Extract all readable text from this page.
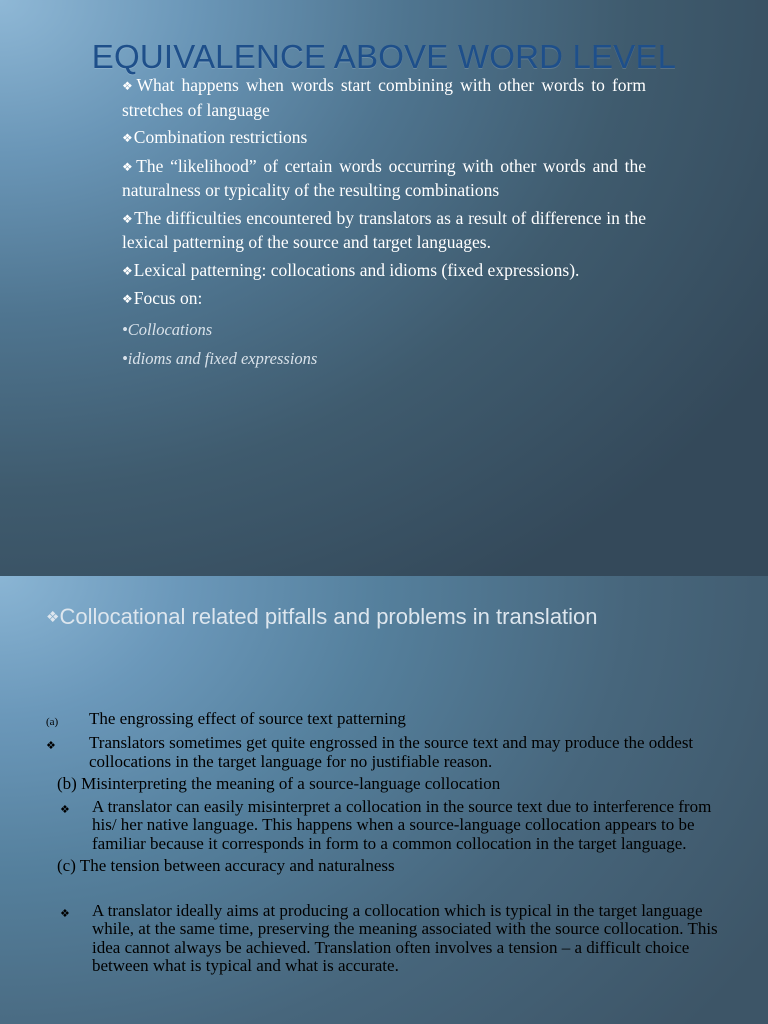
EQUIVALENCE ABOVE WORD LEVEL
❖What happens when words start combining with other words to form stretches of language
❖Combination restrictions
❖The “likelihood” of certain words occurring with other words and the naturalness or typicality of the resulting combinations
❖The difficulties encountered by translators as a result of difference in the lexical patterning of the source and target languages.
❖Lexical patterning: collocations and idioms (fixed expressions).
❖Focus on:
•Collocations
•idioms and fixed expressions
❖Collocational related pitfalls and problems in translation
(a) The engrossing effect of source text patterning
❖ Translators sometimes get quite engrossed in the source text and may produce the oddest collocations in the target language for no justifiable reason.
(b) Misinterpreting the meaning of a source-language collocation
❖ A translator can easily misinterpret a collocation in the source text due to interference from his/ her native language. This happens when a source-language collocation appears to be familiar because it corresponds in form to a common collocation in the target language.
(c) The tension between accuracy and naturalness
❖ A translator ideally aims at producing a collocation which is typical in the target language while, at the same time, preserving the meaning associated with the source collocation. This idea cannot always be achieved. Translation often involves a tension – a difficult choice between what is typical and what is accurate.
